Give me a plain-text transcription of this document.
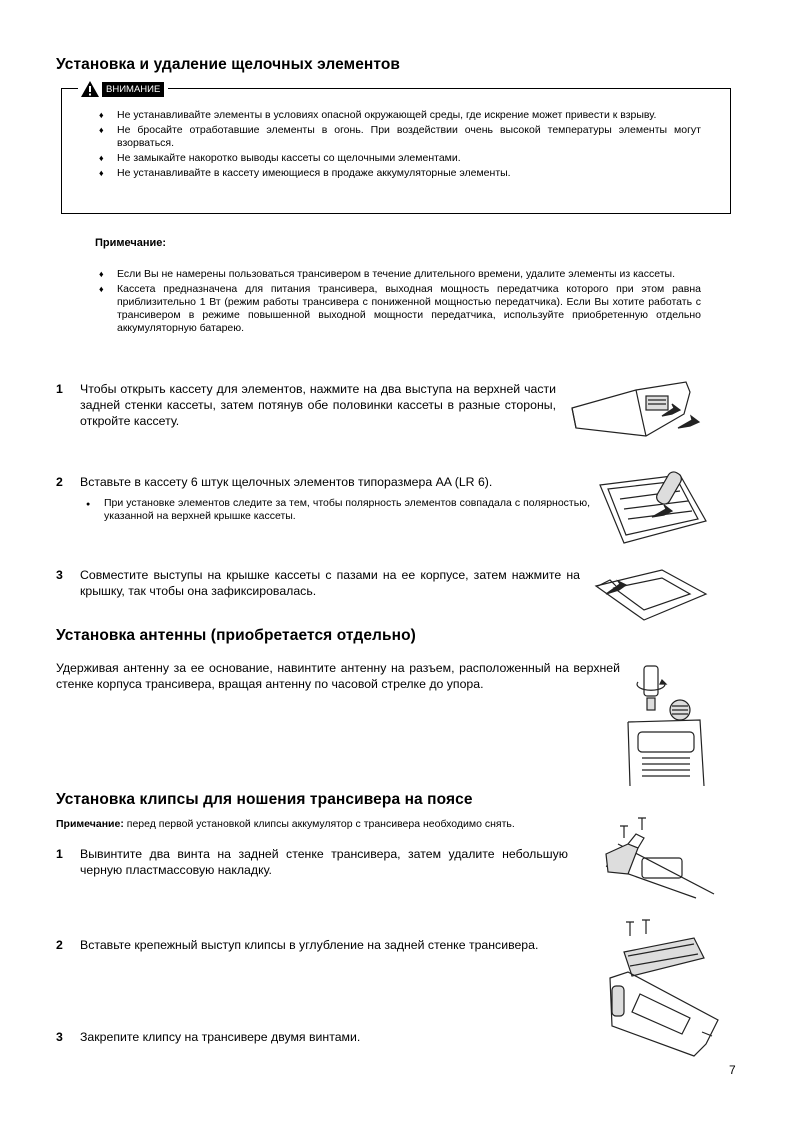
Установка и удаление щелочных элементов
ВНИМАНИЕ
♦ Не устанавливайте элементы в условиях опасной окружающей среды, где искрение может привести к взрыву.
♦ Не бросайте отработавшие элементы в огонь. При воздействии очень высокой температуры элементы могут взорваться.
♦ Не замыкайте накоротко выводы кассеты со щелочными элементами.
♦ Не устанавливайте в кассету имеющиеся в продаже аккумуляторные элементы.
Примечание:
♦ Если Вы не намерены пользоваться трансивером в течение длительного времени, удалите элементы из кассеты.
♦ Кассета предназначена для питания трансивера, выходная мощность передатчика которого при этом равна приблизительно 1 Вт (режим работы трансивера с пониженной мощностью передатчика). Если Вы хотите работать с трансивером в режиме повышенной выходной мощности передатчика, используйте приобретенную отдельно аккумуляторную батарею.
1 Чтобы открыть кассету для элементов, нажмите на два выступа на верхней части задней стенки кассеты, затем потянув обе половинки кассеты в разные стороны, откройте кассету.
2 Вставьте в кассету 6 штук щелочных элементов типоразмера AA (LR 6).
● При установке элементов следите за тем, чтобы полярность элементов совпадала с полярностью, указанной на верхней крышке кассеты.
3 Совместите выступы на крышке кассеты с пазами на ее корпусе, затем нажмите на крышку, так чтобы она зафиксировалась.
Установка антенны (приобретается отдельно)
Удерживая антенну за ее основание, навинтите антенну на разъем, расположенный на верхней стенке корпуса трансивера, вращая антенну по часовой стрелке до упора.
Установка клипсы для ношения трансивера на поясе
Примечание: перед первой установкой клипсы аккумулятор с трансивера необходимо снять.
1 Вывинтите два винта на задней стенке трансивера, затем удалите небольшую черную пластмассовую накладку.
2 Вставьте крепежный выступ клипсы в углубление на задней стенке трансивера.
3 Закрепите клипсу на трансивере двумя винтами.
7
